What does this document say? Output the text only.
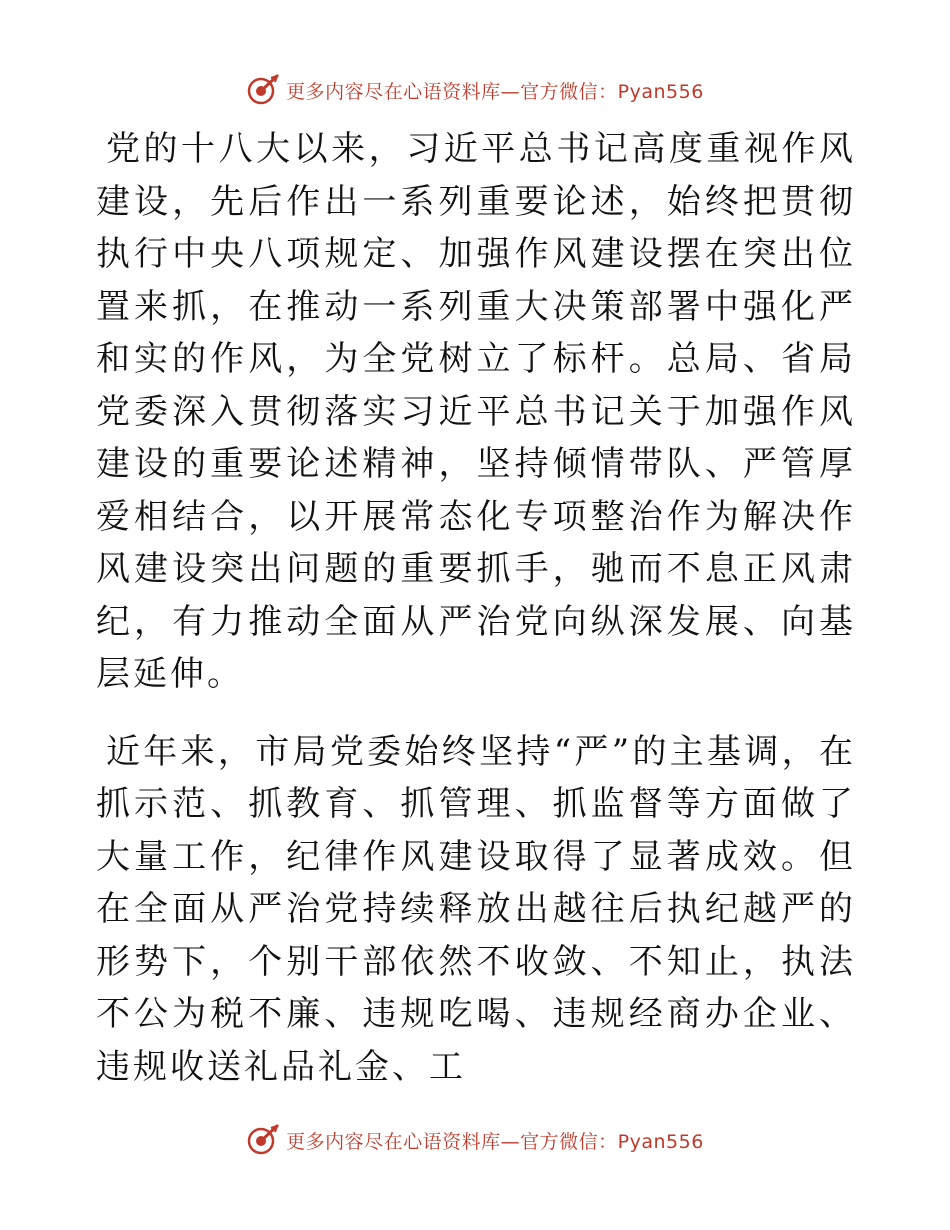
更多内容尽在心语资料库—官方微信：Pyan556

党的十八大以来，习近平总书记高度重视作风建设，先后作出一系列重要论述，始终把贯彻执行中央八项规定、加强作风建设摆在突出位置来抓，在推动一系列重大决策部署中强化严和实的作风，为全党树立了标杆。总局、省局党委深入贯彻落实习近平总书记关于加强作风建设的重要论述精神，坚持倾情带队、严管厚爱相结合，以开展常态化专项整治作为解决作风建设突出问题的重要抓手，驰而不息正风肃纪，有力推动全面从严治党向纵深发展、向基层延伸。

近年来，市局党委始终坚持“严”的主基调，在抓示范、抓教育、抓管理、抓监督等方面做了大量工作，纪律作风建设取得了显著成效。但在全面从严治党持续释放出越往后执纪越严的形势下，个别干部依然不收敛、不知止，执法不公为税不廉、违规吃喝、违规经商办企业、违规收送礼品礼金、工

更多内容尽在心语资料库—官方微信：Pyan556
